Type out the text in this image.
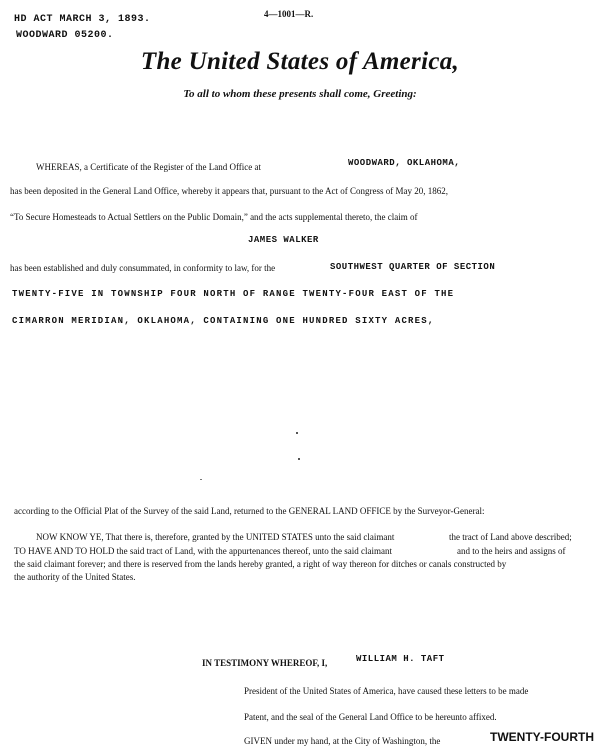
HD ACT MARCH 3, 1893.
WOODWARD 05200.
4—1001—R.
The United States of America,
To all to whom these presents shall come, Greeting:
WHEREAS, a Certificate of the Register of the Land Office at	WOODWARD, OKLAHOMA,
has been deposited in the General Land Office, whereby it appears that, pursuant to the Act of Congress of May 20, 1862,
“To Secure Homesteads to Actual Settlers on the Public Domain,” and the acts supplemental thereto, the claim of
JAMES WALKER
has been established and duly consummated, in conformity to law, for the	SOUTHWEST QUARTER OF SECTION
TWENTY-FIVE IN TOWNSHIP FOUR NORTH OF RANGE TWENTY-FOUR EAST OF THE
CIMARRON MERIDIAN, OKLAHOMA, CONTAINING ONE HUNDRED SIXTY ACRES,
according to the Official Plat of the Survey of the said Land, returned to the GENERAL LAND OFFICE by the Surveyor-General:
NOW KNOW YE, That there is, therefore, granted by the UNITED STATES unto the said claimant	the tract of Land above described;
TO HAVE AND TO HOLD the said tract of Land, with the appurtenances thereof, unto the said claimant	and to the heirs and assigns of
the said claimant forever; and there is reserved from the lands hereby granted, a right of way thereon for ditches or canals constructed by
the authority of the United States.
IN TESTIMONY WHEREOF, I,	WILLIAM H. TAFT
President of the United States of America, have caused these letters to be made
Patent, and the seal of the General Land Office to be hereunto affixed.
GIVEN under my hand, at the City of Washington, the	TWENTY-FOURTH
